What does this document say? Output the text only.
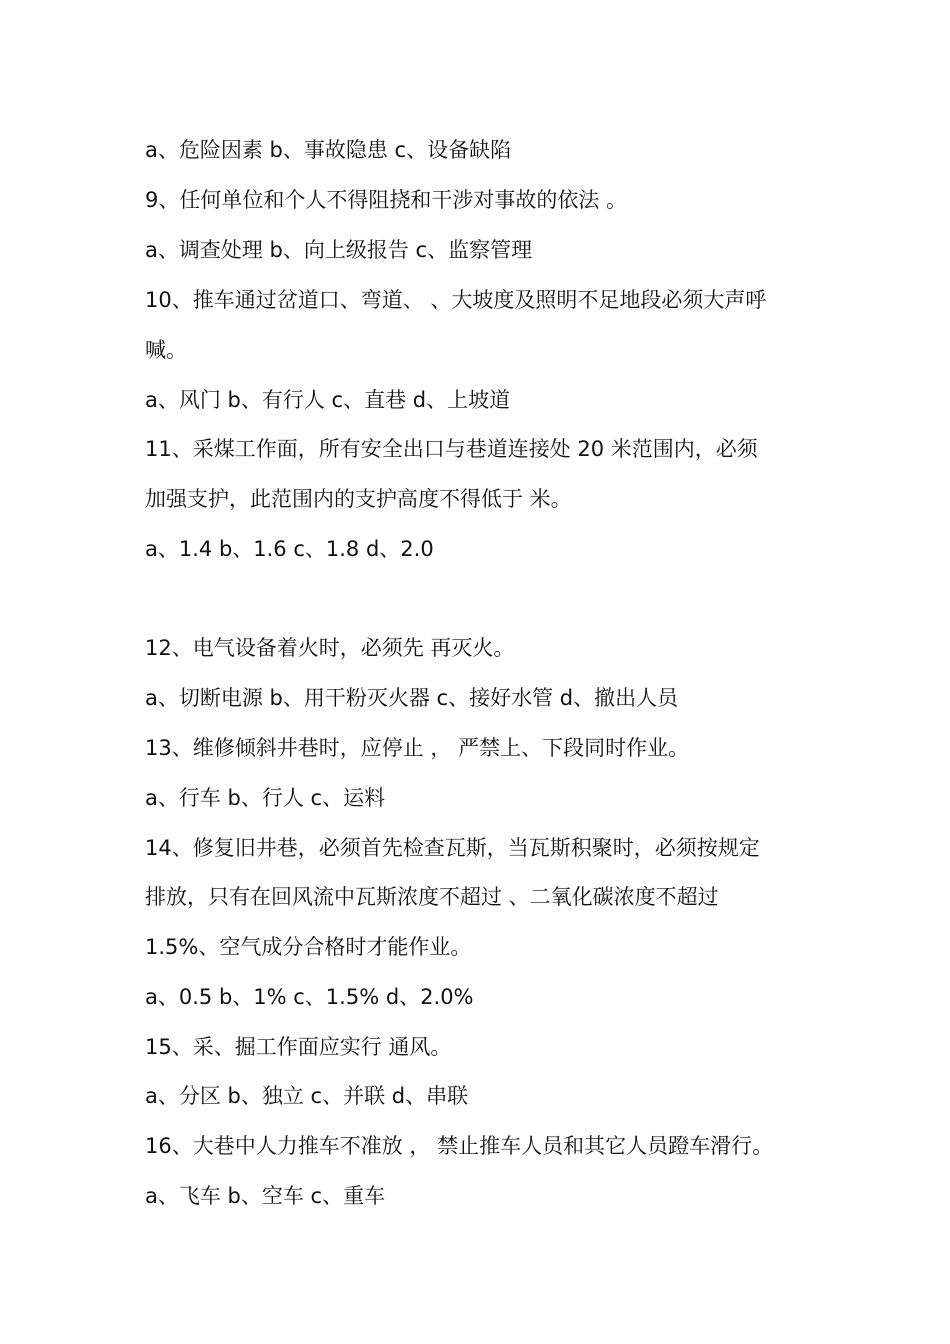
a、危险因素 b、事故隐患 c、设备缺陷
9、任何单位和个人不得阻挠和干涉对事故的依法 。
a、调查处理 b、向上级报告 c、监察管理
10、推车通过岔道口、弯道、 、大坡度及照明不足地段必须大声呼
喊。
a、风门 b、有行人 c、直巷 d、上坡道
11、采煤工作面，所有安全出口与巷道连接处 20 米范围内，必须
加强支护，此范围内的支护高度不得低于 米。
a、1.4 b、1.6 c、1.8 d、2.0
12、电气设备着火时，必须先 再灭火。
a、切断电源 b、用干粉灭火器 c、接好水管 d、撤出人员
13、维修倾斜井巷时，应停止 ， 严禁上、下段同时作业。
a、行车 b、行人 c、运料
14、修复旧井巷，必须首先检查瓦斯，当瓦斯积聚时，必须按规定
排放，只有在回风流中瓦斯浓度不超过 、二氧化碳浓度不超过
1.5%、空气成分合格时才能作业。
a、0.5 b、1% c、1.5% d、2.0%
15、采、掘工作面应实行 通风。
a、分区 b、独立 c、并联 d、串联
16、大巷中人力推车不准放 ， 禁止推车人员和其它人员蹬车滑行。
a、飞车 b、空车 c、重车
